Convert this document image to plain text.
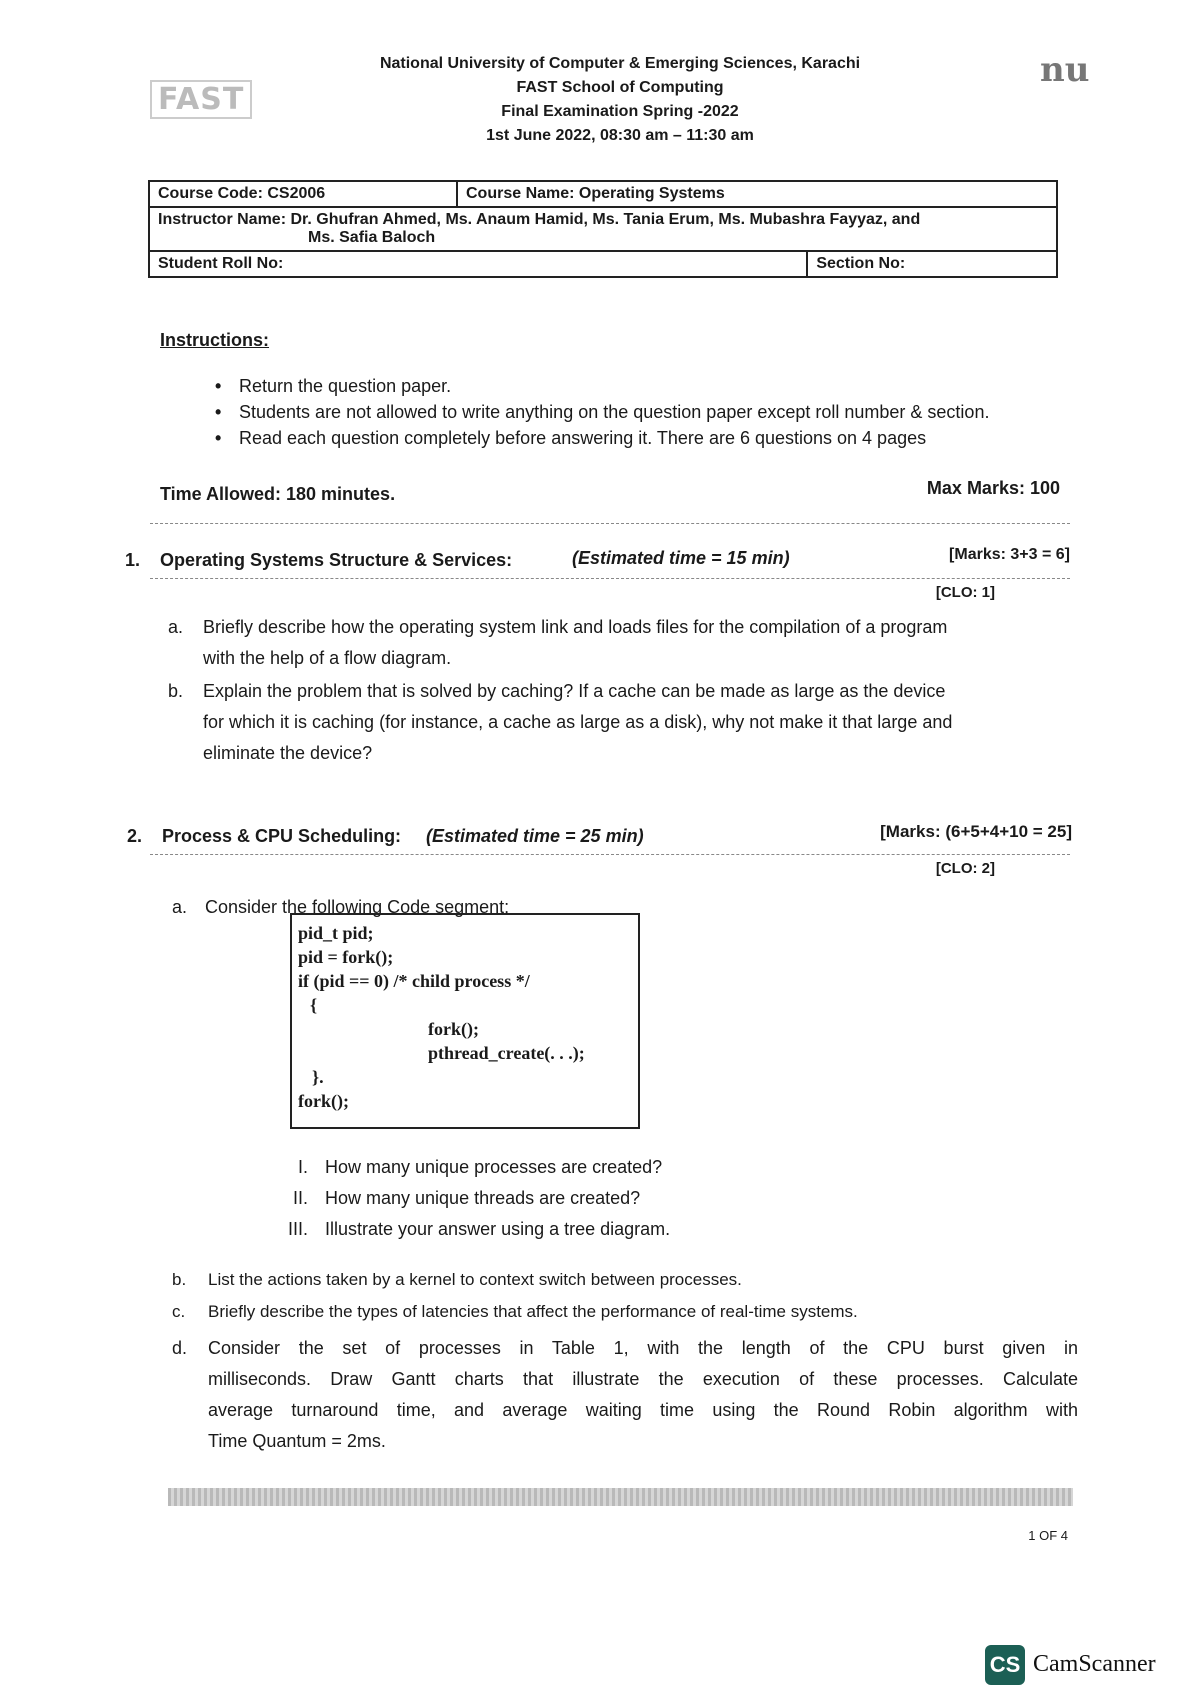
FAST
nu
National University of Computer & Emerging Sciences, Karachi
FAST School of Computing
Final Examination Spring -2022
1st June 2022, 08:30 am – 11:30 am
Course Code: CS2006	Course Name: Operating Systems	

Instructor Name: Dr. Ghufran Ahmed, Ms. Anaum Hamid, Ms. Tania Erum, Ms. Mubashra Fayyaz, and
Ms. Safia Baloch		

Student Roll No:		Section No:
Instructions:
• Return the question paper.
• Students are not allowed to write anything on the question paper except roll number & section.
• Read each question completely before answering it. There are 6 questions on 4 pages
Time Allowed: 180 minutes.	Max Marks: 100
1. Operating Systems Structure & Services:	(Estimated time = 15 min)	[Marks: 3+3 = 6]
[CLO: 1]
a. Briefly describe how the operating system link and loads files for the compilation of a program
with the help of a flow diagram.
b. Explain the problem that is solved by caching? If a cache can be made as large as the device
for which it is caching (for instance, a cache as large as a disk), why not make it that large and
eliminate the device?
2. Process & CPU Scheduling: (Estimated time = 25 min)	[Marks: (6+5+4+10 = 25]
[CLO: 2]
a. Consider the following Code segment:
pid_t pid;
pid = fork();
if (pid == 0) /* child process */
{
fork();
pthread_create(. . .);
}.
fork();
I. How many unique processes are created?
II. How many unique threads are created?
III. Illustrate your answer using a tree diagram.
b. List the actions taken by a kernel to context switch between processes.
c. Briefly describe the types of latencies that affect the performance of real-time systems.
d. Consider the set of processes in Table 1, with the length of the CPU burst given in
milliseconds. Draw Gantt charts that illustrate the execution of these processes. Calculate
average turnaround time, and average waiting time using the Round Robin algorithm with
Time Quantum = 2ms.
1 OF 4
CS CamScanner
